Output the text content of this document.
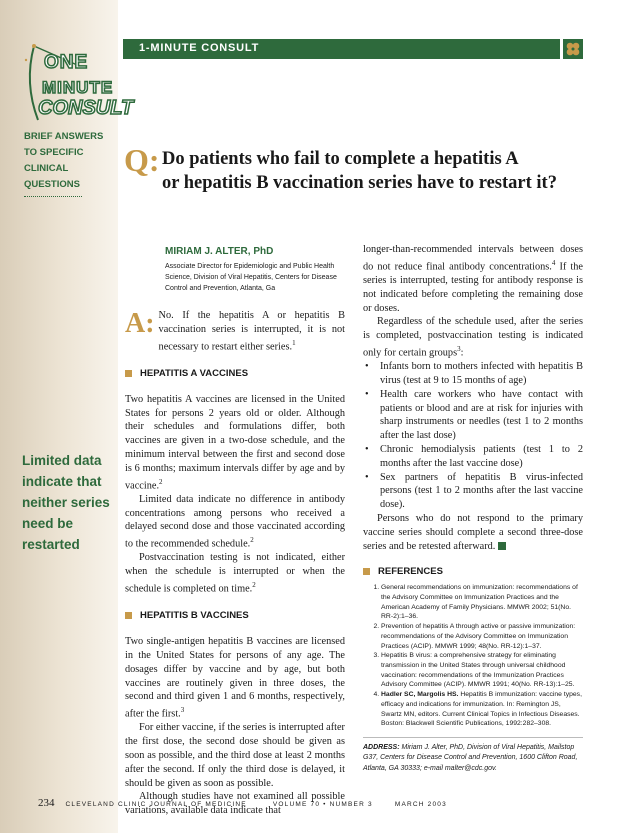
ONE
MINUTE
CONSULT
BRIEF ANSWERS
TO SPECIFIC
CLINICAL
QUESTIONS
Limited data
indicate that
neither series
need be
restarted
1-MINUTE CONSULT
Q: Do patients who fail to complete a hepatitis A
or hepatitis B vaccination series have to restart it?
MIRIAM J. ALTER, PhD
Associate Director for Epidemiologic and Public Health
Science, Division of Viral Hepatitis, Centers for Disease
Control and Prevention, Atlanta, Ga
A: No. If the hepatitis A or hepatitis B vaccination series is interrupted, it is not necessary to restart either series.$^1$

HEPATITIS A VACCINES

Two hepatitis A vaccines are licensed in the United States for persons 2 years old or older. Although their schedules and formulations differ, both vaccines are given in a two-dose schedule, and the minimum interval between the first and second dose is 6 months; maximum intervals differ by age and by vaccine.$^2$

Limited data indicate no difference in antibody concentrations among persons who received a delayed second dose and those vaccinated according to the recommended schedule.$^2$

Postvaccination testing is not indicated, either when the schedule is interrupted or when the schedule is completed on time.$^2$

HEPATITIS B VACCINES

Two single-antigen hepatitis B vaccines are licensed in the United States for persons of any age. The dosages differ by vaccine and by age, but both vaccines are routinely given in three doses, the second and third given 1 and 6 months, respectively, after the first.$^3$

For either vaccine, if the series is interrupted after the first dose, the second dose should be given as soon as possible, and the third dose at least 2 months after the second. If only the third dose is delayed, it should be given as soon as possible.

Although studies have not examined all possible variations, available data indicate that

longer-than-recommended intervals between doses do not reduce final antibody concentrations.$^4$ If the series is interrupted, testing for antibody response is not indicated before completing the remaining dose or doses.

Regardless of the schedule used, after the series is completed, postvaccination testing is indicated only for certain groups$^3$:

• Infants born to mothers infected with hepatitis B virus (test at 9 to 15 months of age)
• Health care workers who have contact with patients or blood and are at risk for injuries with sharp instruments or needles (test 1 to 2 months after the last dose)
• Chronic hemodialysis patients (test 1 to 2 months after the last vaccine dose)
• Sex partners of hepatitis B virus-infected persons (test 1 to 2 months after the last vaccine dose).

Persons who do not respond to the primary vaccine series should complete a second three-dose series and be retested afterward.

REFERENCES
1. General recommendations on immunization: recommendations of the Advisory Committee on Immunization Practices and the American Academy of Family Physicians. MMWR 2002; 51(No. RR-2):1–36.
2. Prevention of hepatitis A through active or passive immunization: recommendations of the Advisory Committee on Immunization Practices (ACIP). MMWR 1999; 48(No. RR-12):1–37.
3. Hepatitis B virus: a comprehensive strategy for eliminating transmission in the United States through universal childhood vaccination: recommendations of the Immunization Practices Advisory Committee (ACIP). MMWR 1991; 40(No. RR-13):1–25.
4. Hadler SC, Margolis HS. Hepatitis B immunization: vaccine types, efficacy and indications for immunization. In: Remington JS, Swartz MN, editors. Current Clinical Topics in Infectious Diseases. Boston: Blackwell Scientific Publications, 1992:282–308.
ADDRESS: Miriam J. Alter, PhD, Division of Viral Hepatitis, Mailstop G37, Centers for Disease Control and Prevention, 1600 Clifton Road, Atlanta, GA 30333; e-mail malter@cdc.gov.
234 CLEVELAND CLINIC JOURNAL OF MEDICINE	VOLUME 70 • NUMBER 3	MARCH 2003
